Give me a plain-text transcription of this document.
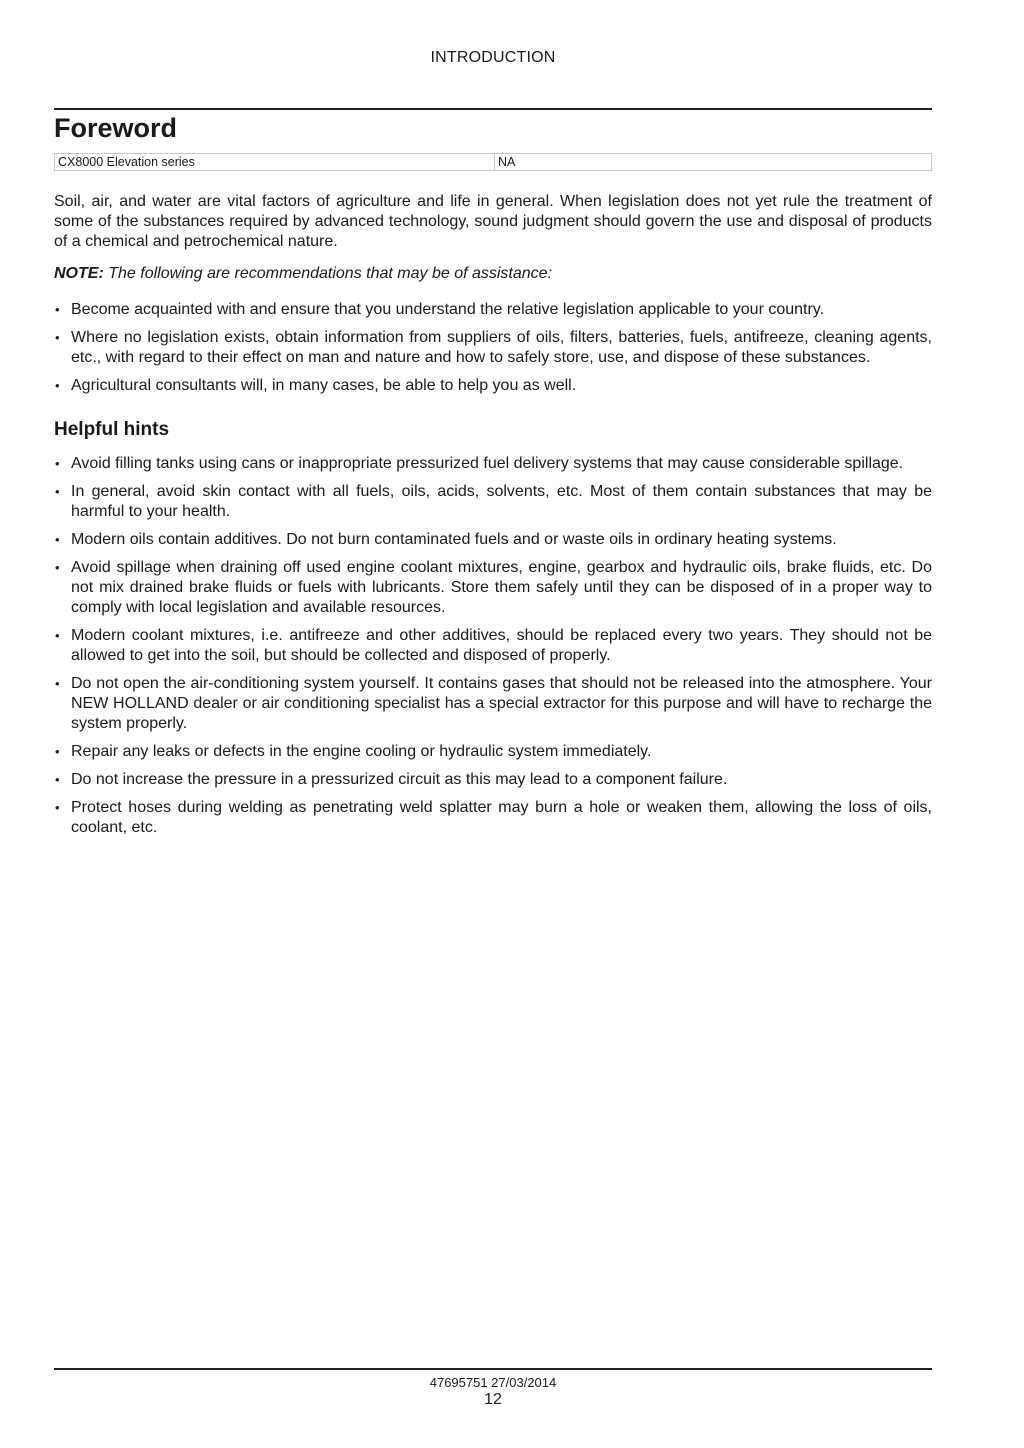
INTRODUCTION
Foreword
CX8000 Elevation series	NA

Soil, air, and water are vital factors of agriculture and life in general. When legislation does not yet rule the treatment of some of the substances required by advanced technology, sound judgment should govern the use and disposal of products of a chemical and petrochemical nature.

NOTE: The following are recommendations that may be of assistance:

• Become acquainted with and ensure that you understand the relative legislation applicable to your country.
• Where no legislation exists, obtain information from suppliers of oils, filters, batteries, fuels, antifreeze, cleaning agents, etc., with regard to their effect on man and nature and how to safely store, use, and dispose of these substances.
• Agricultural consultants will, in many cases, be able to help you as well.
Helpful hints
• Avoid filling tanks using cans or inappropriate pressurized fuel delivery systems that may cause considerable spillage.
• In general, avoid skin contact with all fuels, oils, acids, solvents, etc. Most of them contain substances that may be harmful to your health.
• Modern oils contain additives. Do not burn contaminated fuels and or waste oils in ordinary heating systems.
• Avoid spillage when draining off used engine coolant mixtures, engine, gearbox and hydraulic oils, brake fluids, etc. Do not mix drained brake fluids or fuels with lubricants. Store them safely until they can be disposed of in a proper way to comply with local legislation and available resources.
• Modern coolant mixtures, i.e. antifreeze and other additives, should be replaced every two years. They should not be allowed to get into the soil, but should be collected and disposed of properly.
• Do not open the air-conditioning system yourself. It contains gases that should not be released into the atmosphere. Your NEW HOLLAND dealer or air conditioning specialist has a special extractor for this purpose and will have to recharge the system properly.
• Repair any leaks or defects in the engine cooling or hydraulic system immediately.
• Do not increase the pressure in a pressurized circuit as this may lead to a component failure.
• Protect hoses during welding as penetrating weld splatter may burn a hole or weaken them, allowing the loss of oils, coolant, etc.
47695751 27/03/2014
12
